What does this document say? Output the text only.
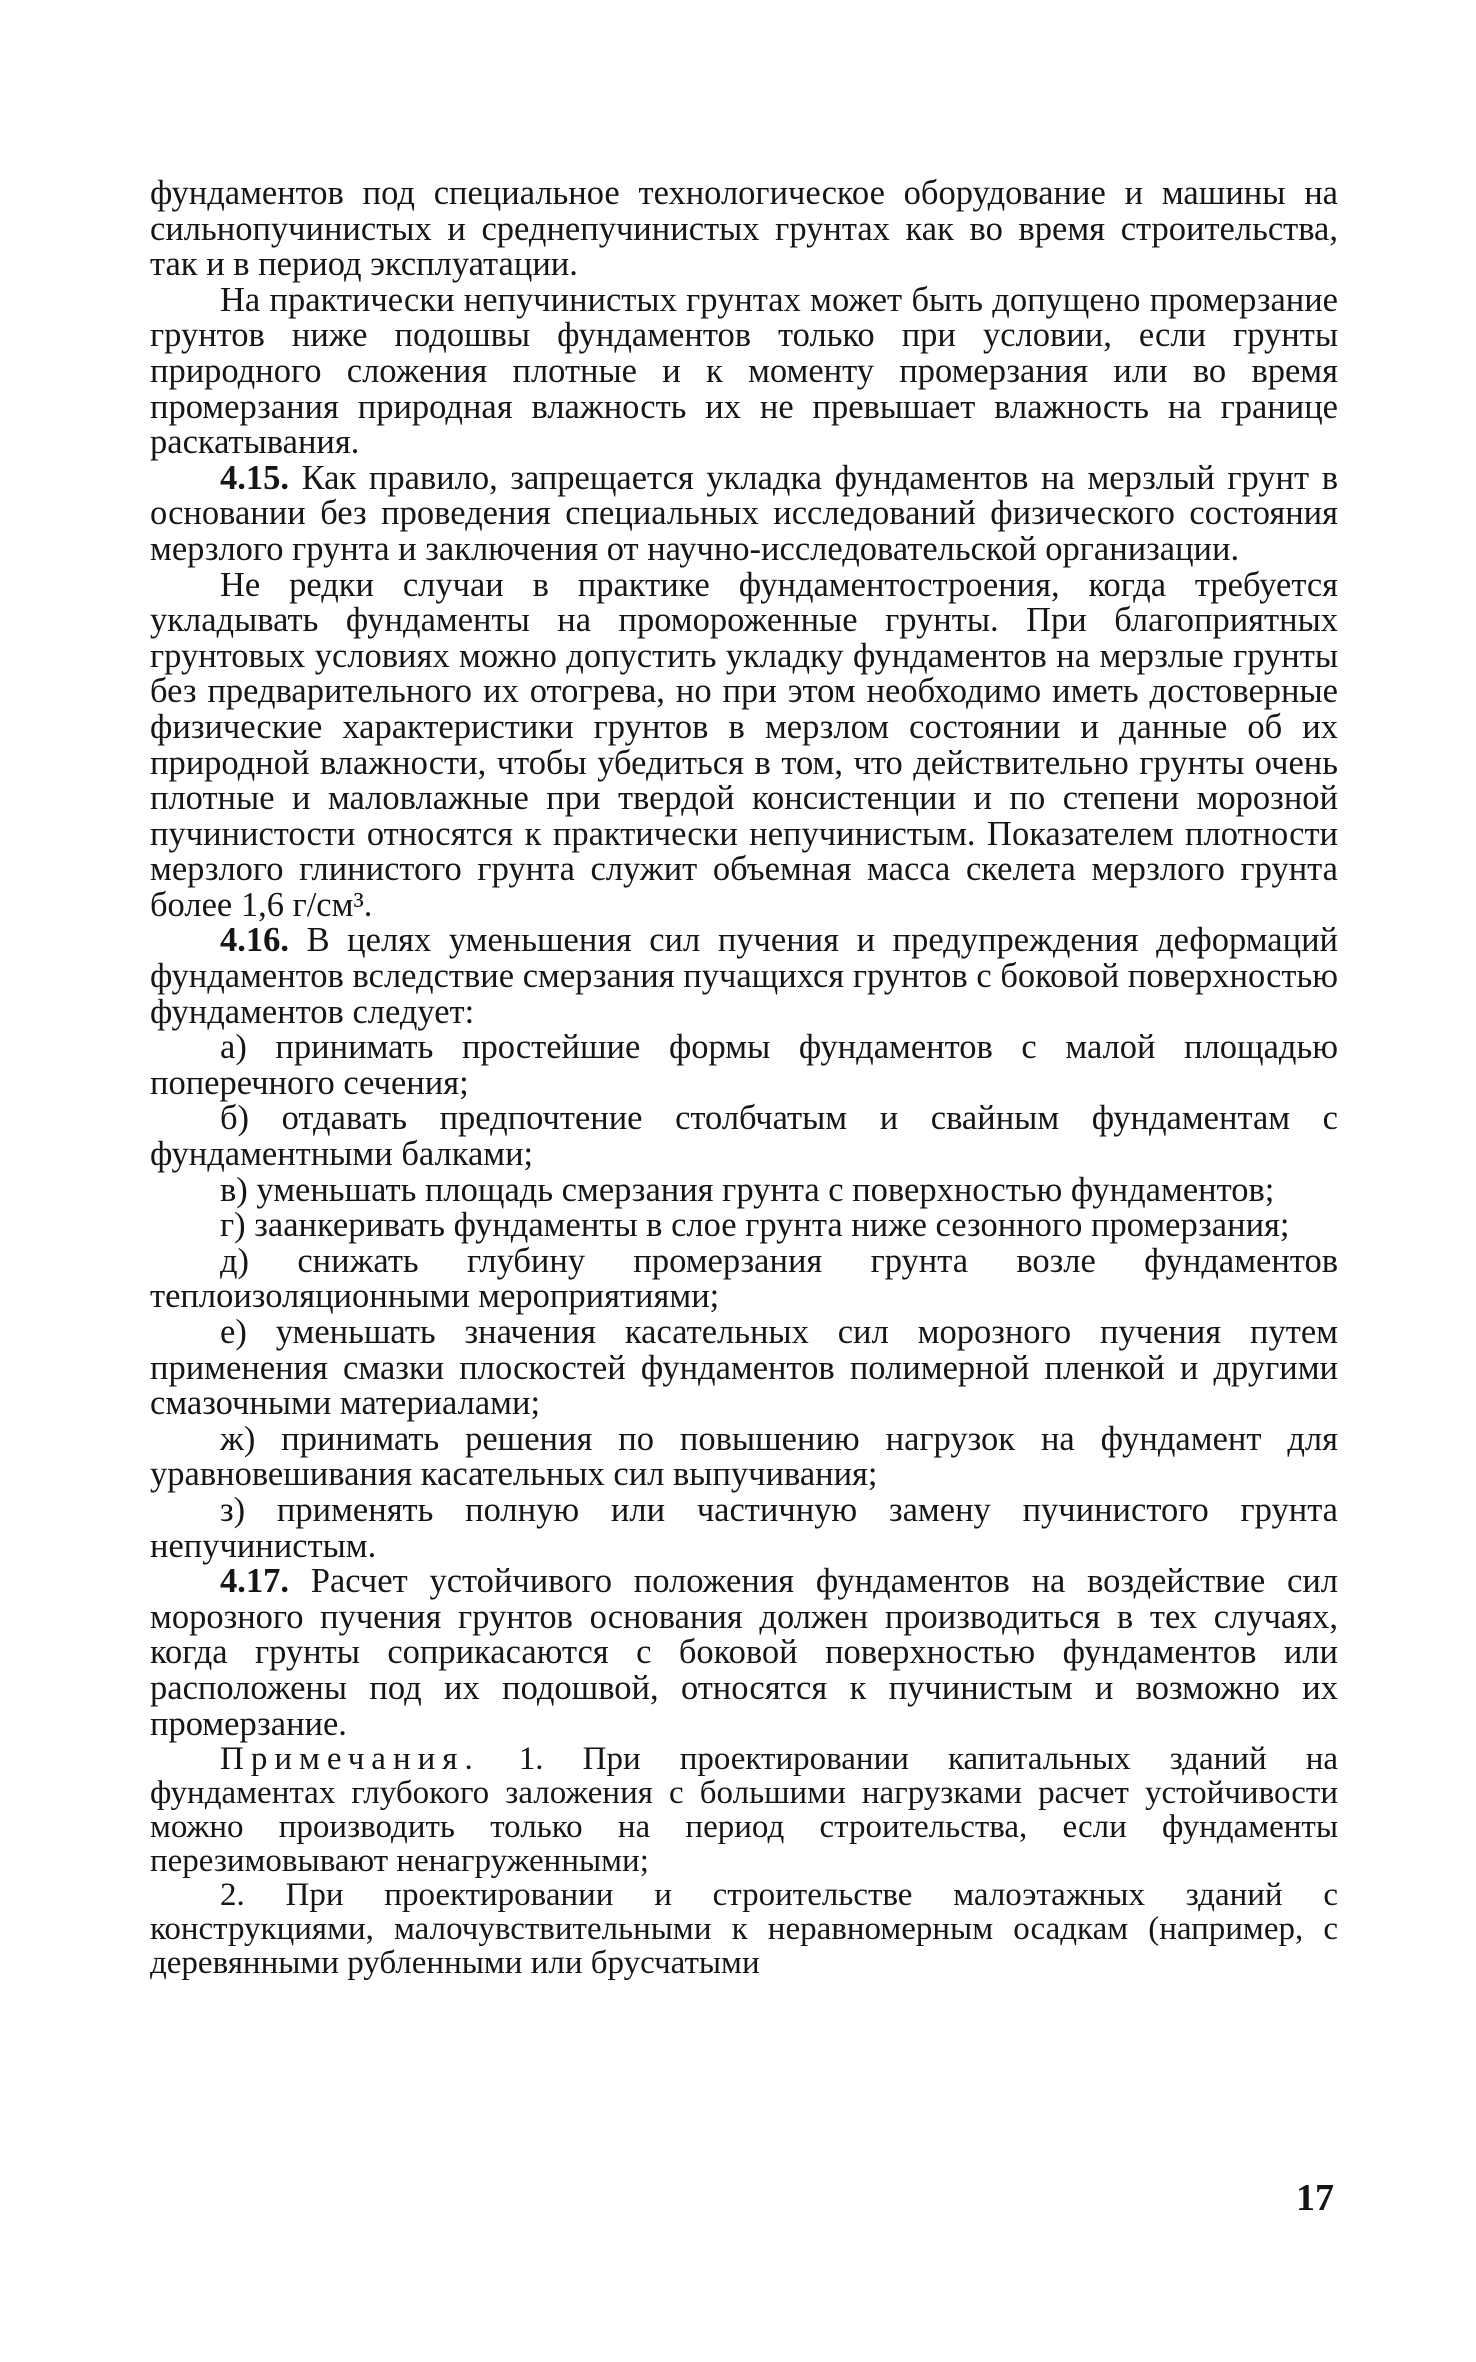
фундаментов под специальное технологическое оборудование и машины на сильнопучинистых и среднепучинистых грунтах как во время строительства, так и в период эксплуатации.

На практически непучинистых грунтах может быть допущено промерзание грунтов ниже подошвы фундаментов только при условии, если грунты природного сложения плотные и к моменту промерзания или во время промерзания природная влажность их не превышает влажность на границе раскатывания.

4.15. Как правило, запрещается укладка фундаментов на мерзлый грунт в основании без проведения специальных исследований физического состояния мерзлого грунта и заключения от научно-исследовательской организации.

Не редки случаи в практике фундаментостроения, когда требуется укладывать фундаменты на промороженные грунты. При благоприятных грунтовых условиях можно допустить укладку фундаментов на мерзлые грунты без предварительного их отогрева, но при этом необходимо иметь достоверные физические характеристики грунтов в мерзлом состоянии и данные об их природной влажности, чтобы убедиться в том, что действительно грунты очень плотные и маловлажные при твердой консистенции и по степени морозной пучинистости относятся к практически непучинистым. Показателем плотности мерзлого глинистого грунта служит объемная масса скелета мерзлого грунта более 1,6 г/см³.

4.16. В целях уменьшения сил пучения и предупреждения деформаций фундаментов вследствие смерзания пучащихся грунтов с боковой поверхностью фундаментов следует:

а) принимать простейшие формы фундаментов с малой площадью поперечного сечения;

б) отдавать предпочтение столбчатым и свайным фундаментам с фундаментными балками;

в) уменьшать площадь смерзания грунта с поверхностью фундаментов;

г) заанкеривать фундаменты в слое грунта ниже сезонного промерзания;

д) снижать глубину промерзания грунта возле фундаментов теплоизоляционными мероприятиями;

е) уменьшать значения касательных сил морозного пучения путем применения смазки плоскостей фундаментов полимерной пленкой и другими смазочными материалами;

ж) принимать решения по повышению нагрузок на фундамент для уравновешивания касательных сил выпучивания;

з) применять полную или частичную замену пучинистого грунта непучинистым.

4.17. Расчет устойчивого положения фундаментов на воздействие сил морозного пучения грунтов основания должен производиться в тех случаях, когда грунты соприкасаются с боковой поверхностью фундаментов или расположены под их подошвой, относятся к пучинистым и возможно их промерзание.

Примечания. 1. При проектировании капитальных зданий на фундаментах глубокого заложения с большими нагрузками расчет устойчивости можно производить только на период строительства, если фундаменты перезимовывают ненагруженными;

2. При проектировании и строительстве малоэтажных зданий с конструкциями, малочувствительными к неравномерным осадкам (например, с деревянными рубленными или брусчатыми

17
